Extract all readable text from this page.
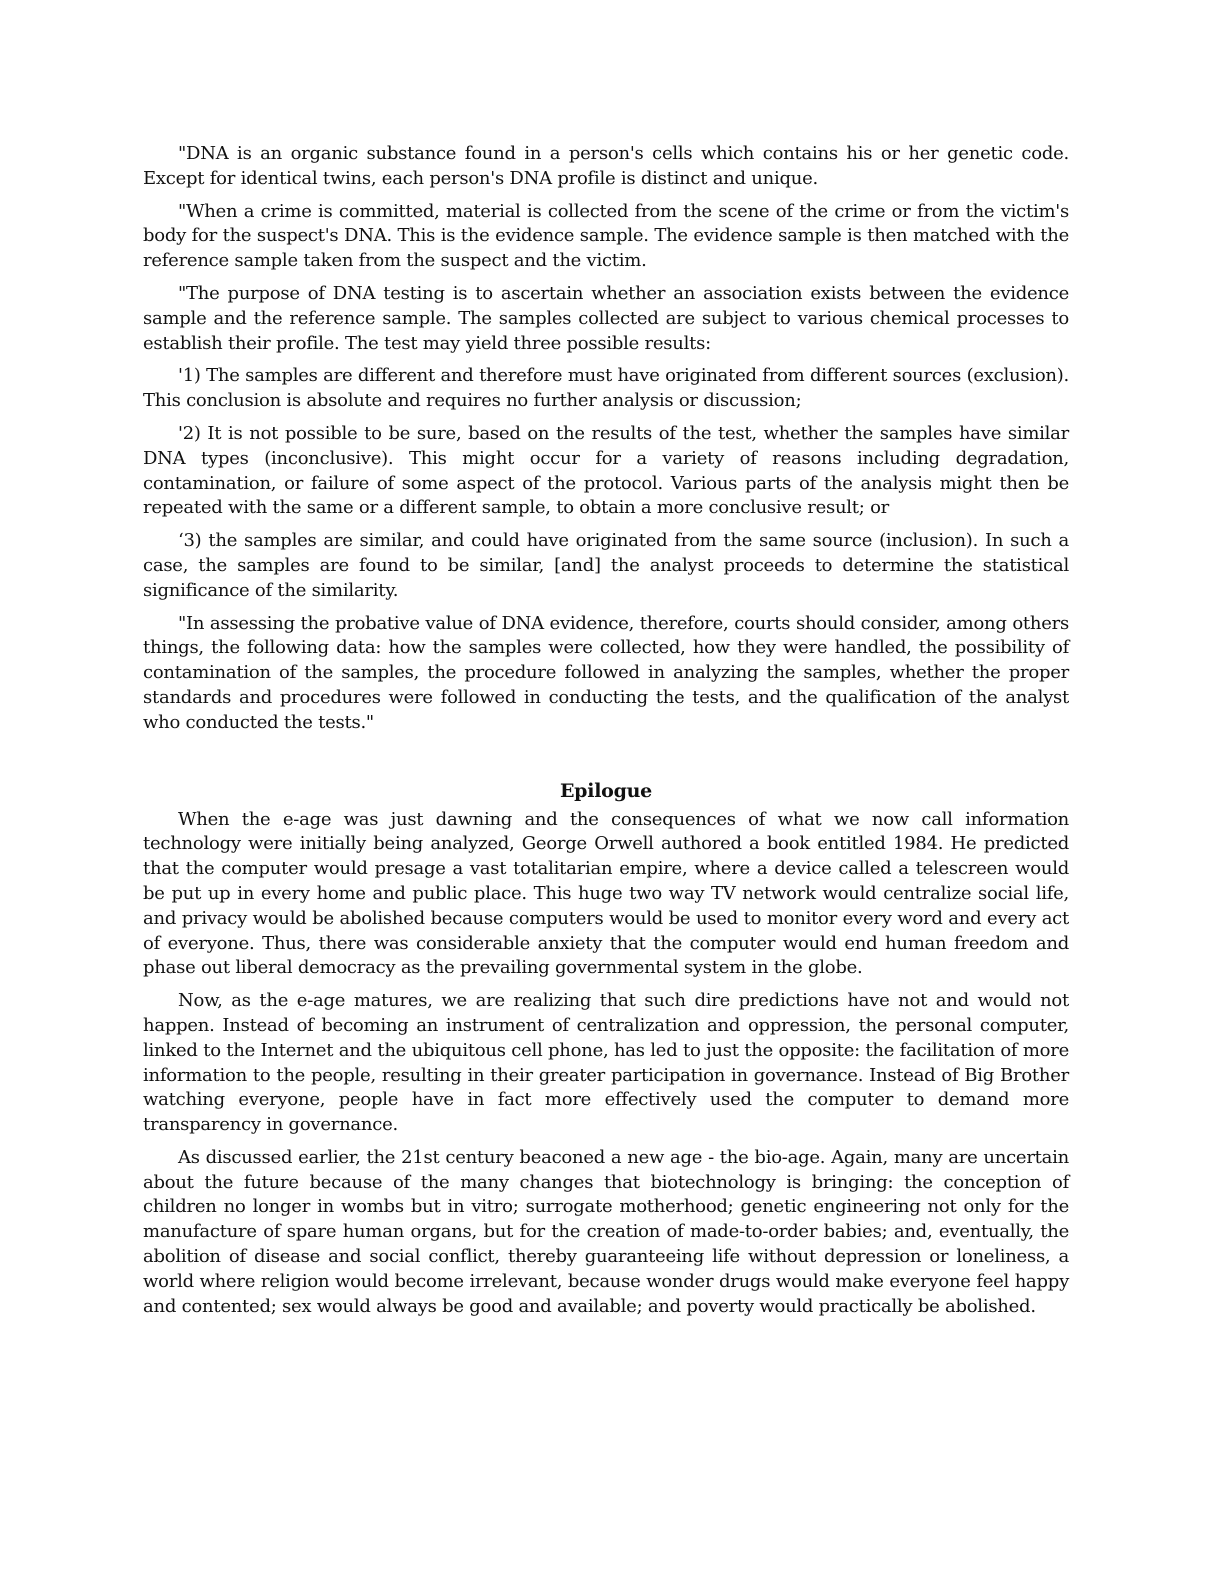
"DNA is an organic substance found in a person's cells which contains his or her genetic code. Except for identical twins, each person's DNA profile is distinct and unique.

"When a crime is committed, material is collected from the scene of the crime or from the victim's body for the suspect's DNA. This is the evidence sample. The evidence sample is then matched with the reference sample taken from the suspect and the victim.

"The purpose of DNA testing is to ascertain whether an association exists between the evidence sample and the reference sample. The samples collected are subject to various chemical processes to establish their profile. The test may yield three possible results:

'1) The samples are different and therefore must have originated from different sources (exclusion). This conclusion is absolute and requires no further analysis or discussion;

'2) It is not possible to be sure, based on the results of the test, whether the samples have similar DNA types (inconclusive). This might occur for a variety of reasons including degradation, contamination, or failure of some aspect of the protocol. Various parts of the analysis might then be repeated with the same or a different sample, to obtain a more conclusive result; or

‘3) the samples are similar, and could have originated from the same source (inclusion). In such a case, the samples are found to be similar, [and] the analyst proceeds to determine the statistical significance of the similarity.

"In assessing the probative value of DNA evidence, therefore, courts should consider, among others things, the following data: how the samples were collected, how they were handled, the possibility of contamination of the samples, the procedure followed in analyzing the samples, whether the proper standards and procedures were followed in conducting the tests, and the qualification of the analyst who conducted the tests."

Epilogue

When the e-age was just dawning and the consequences of what we now call information technology were initially being analyzed, George Orwell authored a book entitled 1984. He predicted that the computer would presage a vast totalitarian empire, where a device called a telescreen would be put up in every home and public place. This huge two way TV network would centralize social life, and privacy would be abolished because computers would be used to monitor every word and every act of everyone. Thus, there was considerable anxiety that the computer would end human freedom and phase out liberal democracy as the prevailing governmental system in the globe.

Now, as the e-age matures, we are realizing that such dire predictions have not and would not happen. Instead of becoming an instrument of centralization and oppression, the personal computer, linked to the Internet and the ubiquitous cell phone, has led to just the opposite: the facilitation of more information to the people, resulting in their greater participation in governance. Instead of Big Brother watching everyone, people have in fact more effectively used the computer to demand more transparency in governance.

As discussed earlier, the 21st century beaconed a new age - the bio-age. Again, many are uncertain about the future because of the many changes that biotechnology is bringing: the conception of children no longer in wombs but in vitro; surrogate motherhood; genetic engineering not only for the manufacture of spare human organs, but for the creation of made-to-order babies; and, eventually, the abolition of disease and social conflict, thereby guaranteeing life without depression or loneliness, a world where religion would become irrelevant, because wonder drugs would make everyone feel happy and contented; sex would always be good and available; and poverty would practically be abolished.
